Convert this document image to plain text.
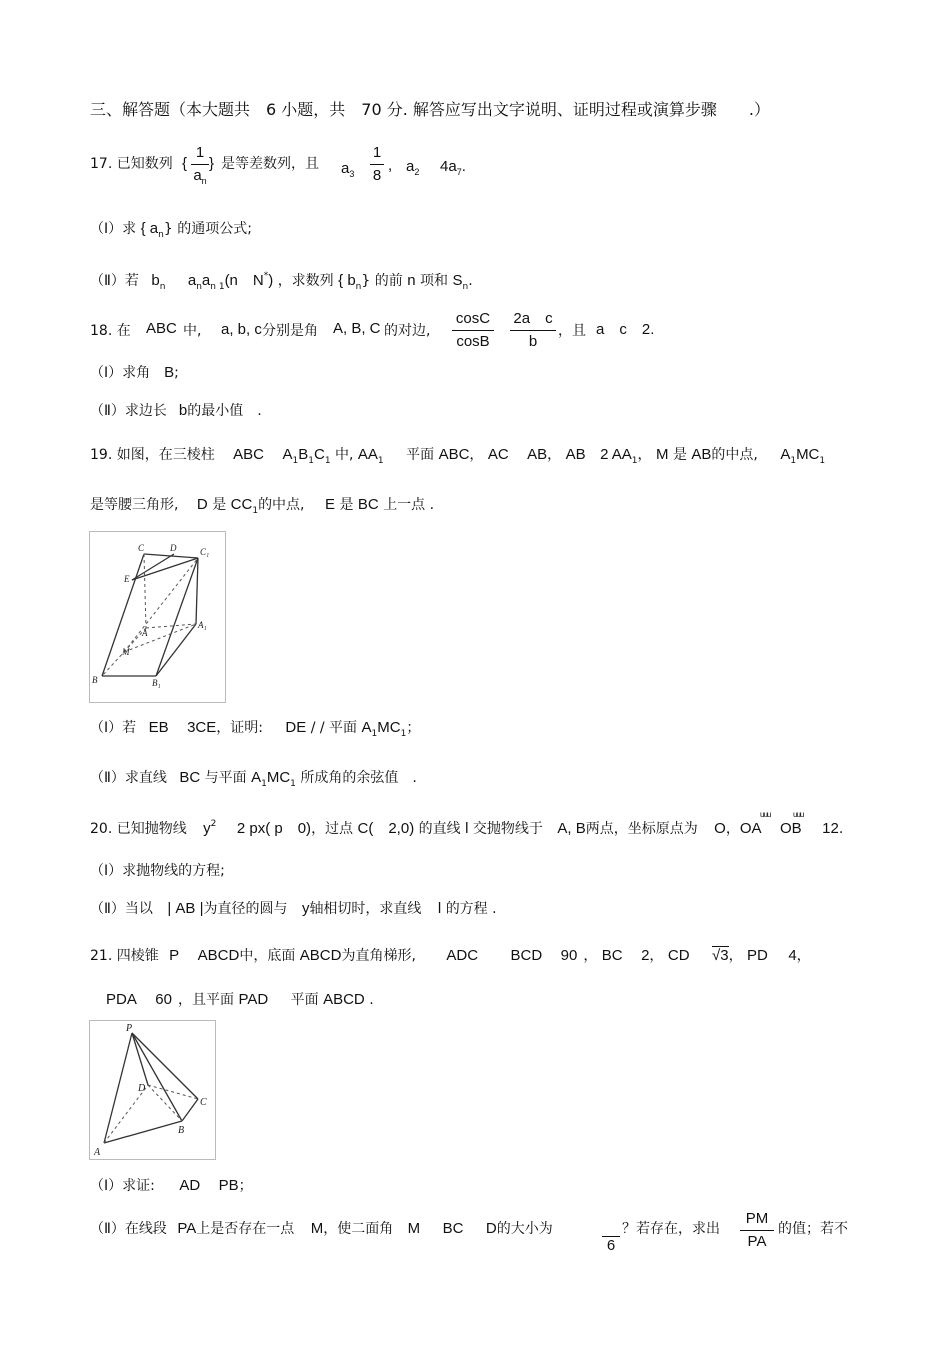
三、解答题（本大题共　6 小题，共　70 分. 解答应写出文字说明、证明过程或演算步骤　　.）
17. 已知数列 {
1
$a_n$
} 是等差数列，且 $a_3$
1
8
, $a_2$ $4a_7$.
（Ⅰ）求 { $a_n$} 的通项公式;
（Ⅱ）若 $b_n$ $a_na_{n 1}(n$　N*) ，求数列 { $b_n$} 的前 n 项和 $S_n$.
18. 在 ABC 中, a, b, c 分别是角 A, B, C 的对边,
cosC
cosB
2a　c
b
，且 a　c　2.
（Ⅰ）求角 B;
（Ⅱ）求边长 b的最小值　.
19. 如图，在三棱柱 ABC $A_1B_1C_1$ 中, $AA_1$ 平面 ABC， AC AB， AB 2 $AA_1$， M 是 AB的中点, $A_1MC_1$
是等腰三角形, D 是 $CC_1$的中点, E 是 BC 上一点 .
C	D	C₁
E
A
A₁
M
B	B₁
（Ⅰ）若 EB 3CE，证明: DE / / 平面 $A_1MC_1$；
（Ⅱ）求直线 BC 与平面 $A_1MC_1$ 所成角的余弦值　.
20. 已知抛物线 $y^2$ 2 px( p　0)，过点 C(　2,0) 的直线 l 交抛物线于 A, B两点，坐标原点为 O，OA OB 12.
uuu	uuu
（Ⅰ）求抛物线的方程;
（Ⅱ）当以 | AB |为直径的圆与 y轴相切时，求直线 l 的方程 .
21. 四棱锥 P ABCD中，底面 ABCD为直角梯形, ADC BCD 90 ， BC 2， CD √3， PD 4，
PDA 60 ，且平面 PAD 平面 ABCD .
P
D
C
A
B
（Ⅰ）求证: AD PB；
（Ⅱ）在线段 PA上是否存在一点 M，使二面角 M BC D的大小为
6
？若存在，求出
PM
PA
的值；若不
